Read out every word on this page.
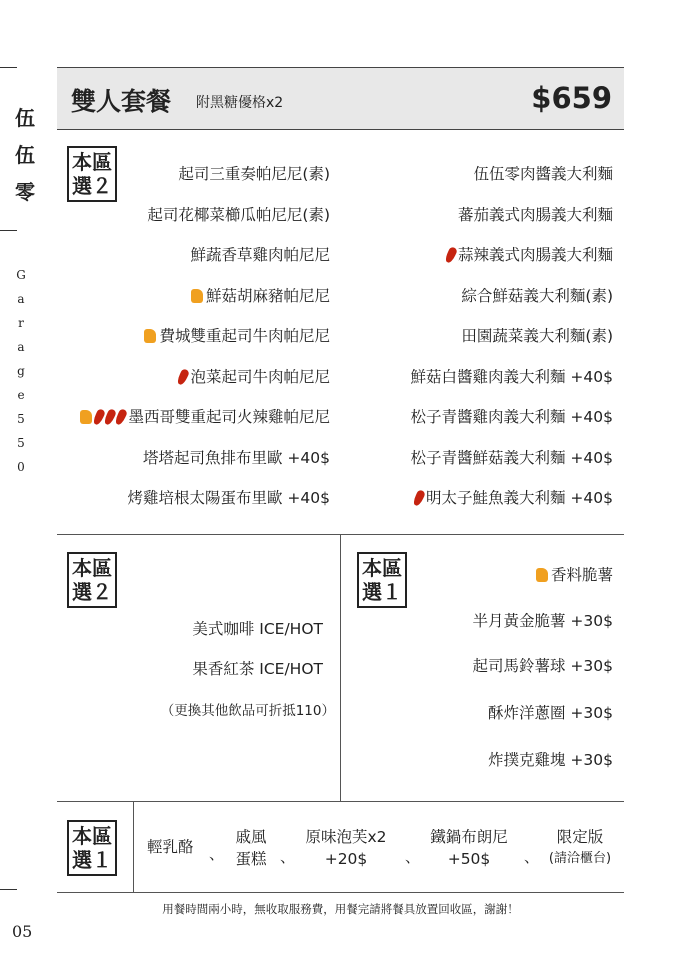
伍
伍
零
G
a
r
a
g
e
5
5
0
05
雙人套餐 附黑糖優格x2	$659
本區
選２	起司三重奏帕尼尼(素)
起司花椰菜櫛瓜帕尼尼(素)
鮮蔬香草雞肉帕尼尼
鮮菇胡麻豬帕尼尼
費城雙重起司牛肉帕尼尼
泡菜起司牛肉帕尼尼
墨西哥雙重起司火辣雞帕尼尼
塔塔起司魚排布里歐 +40$
烤雞培根太陽蛋布里歐 +40$
伍伍零肉醬義大利麵
蕃茄義式肉腸義大利麵
蒜辣義式肉腸義大利麵
綜合鮮菇義大利麵(素)
田園蔬菜義大利麵(素)
鮮菇白醬雞肉義大利麵 +40$
松子青醬雞肉義大利麵 +40$
松子青醬鮮菇義大利麵 +40$
明太子鮭魚義大利麵 +40$
本區
選２
美式咖啡 ICE/HOT
果香紅茶 ICE/HOT
（更換其他飲品可折抵110）
本區
選１
香料脆薯
半月黃金脆薯 +30$
起司馬鈴薯球 +30$
酥炸洋蔥圈 +30$
炸撲克雞塊 +30$
本區
選１
輕乳酪 、
戚風
蛋糕 、
原味泡芙x2
+20$	、
鐵鍋布朗尼
+50$	、
限定版
(請洽櫃台)
用餐時間兩小時，無收取服務費，用餐完請將餐具放置回收區，謝謝！
